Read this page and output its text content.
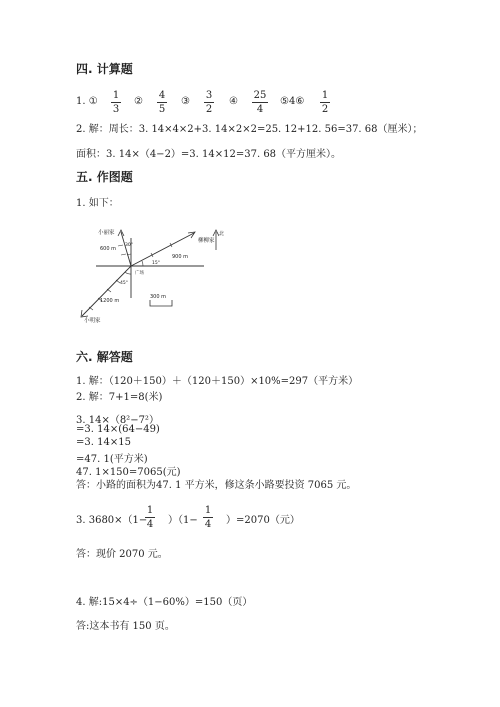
四. 计算题
1. ①
1
3
②
4
5
③
3
2
④
25
4
⑤4⑥
1
2
2. 解：周长：3. 14×4×2+3. 14×2×2=25. 12+12. 56=37. 68（厘米）；
面积：3. 14×（4−2）=3. 14×12=37. 68（平方厘米）。
五. 作图题
1. 如下：
小丽家
600 m
30°
北
柳柳家
15°
900 m
广场
45°
1200 m
300 m
小明家
六. 解答题
1. 解：（120＋150）＋（120＋150）×10%=297（平方米）
2. 解：7+1=8(米)
3. 14×（8²−7²）
=3. 14×(64−49)
=3. 14×15
=47. 1(平方米)
47. 1×150=7065(元)
答：小路的面积为47. 1 平方米，修这条小路要投资 7065 元。
3. 3680×（1−
1
4 ）（1−
1
4 ）=2070（元）
答：现价 2070 元。
4. 解:15×4÷（1−60%）=150（页）
答:这本书有 150 页。
